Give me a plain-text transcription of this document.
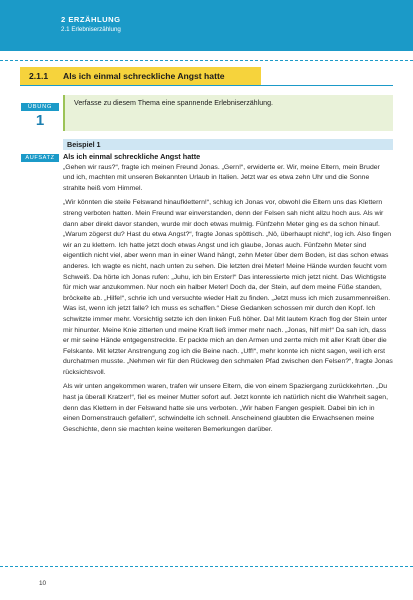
2 ERZÄHLUNG
2.1 Erlebniserzählung
2.1.1 Als ich einmal schreckliche Angst hatte
ÜBUNG
1
Verfasse zu diesem Thema eine spannende Erlebniserzählung.
Beispiel 1
AUFSATZ	Als ich einmal schreckliche Angst hatte

„Gehen wir raus?“, fragte ich meinen Freund Jonas. „Gern!“, erwiderte er. Wir, meine Eltern, mein Bruder und ich, machten mit unseren Bekannten Urlaub in Italien. Jetzt war es etwa zehn Uhr und die Sonne strahlte heiß vom Himmel.

„Wir könnten die steile Felswand hinaufklettern!“, schlug ich Jonas vor, obwohl die Eltern uns das Klettern streng verboten hatten. Mein Freund war einverstanden, denn der Felsen sah nicht allzu hoch aus. Als wir dann aber direkt davor standen, wurde mir doch etwas mulmig. Fünfzehn Meter ging es da schon hinauf. „Warum zögerst du? Hast du etwa Angst?“, fragte Jonas spöttisch. „Nö, überhaupt nicht“, log ich. Also fingen wir an zu klettern. Ich hatte jetzt doch etwas Angst und ich glaube, Jonas auch. Fünfzehn Meter sind eigentlich nicht viel, aber wenn man in einer Wand hängt, zehn Meter über dem Boden, ist das schon etwas anderes. Ich wagte es nicht, nach unten zu sehen. Die letzten drei Meter! Meine Hände wurden feucht vom Schweiß. Da hörte ich Jonas rufen: „Juhu, ich bin Erster!“ Das interessierte mich jetzt nicht. Das Wichtigste für mich war anzukommen. Nur noch ein halber Meter! Doch da, der Stein, auf dem meine Füße standen, bröckelte ab. „Hilfe!“, schrie ich und versuchte wieder Halt zu finden. „Jetzt muss ich mich zusammenreißen. Was ist, wenn ich jetzt falle? Ich muss es schaffen.“ Diese Gedanken schossen mir durch den Kopf. Ich schwitzte immer mehr. Vorsichtig setzte ich den linken Fuß höher. Da! Mit lautem Krach flog der Stein unter mir hinunter. Meine Knie zitterten und meine Kraft ließ immer mehr nach. „Jonas, hilf mir!“ Da sah ich, dass er mir seine Hände entgegenstreckte. Er packte mich an den Armen und zerrte mich mit aller Kraft über die Felskante. Mit letzter Anstrengung zog ich die Beine nach. „Uff!“, mehr konnte ich nicht sagen, weil ich erst durchatmen musste. „Nehmen wir für den Rückweg den schmalen Pfad zwischen den Felsen?“, fragte Jonas rücksichtsvoll.

Als wir unten angekommen waren, trafen wir unsere Eltern, die von einem Spaziergang zurückkehrten. „Du hast ja überall Kratzer!“, fiel es meiner Mutter sofort auf. Jetzt konnte ich natürlich nicht die Wahrheit sagen, denn das Klettern in der Felswand hatte sie uns verboten. „Wir haben Fangen gespielt. Dabei bin ich in einen Dornenstrauch gefallen“, schwindelte ich schnell. Anscheinend glaubten die Erwachsenen meine Geschichte, denn sie machten keine weiteren Bemerkungen darüber.

10
